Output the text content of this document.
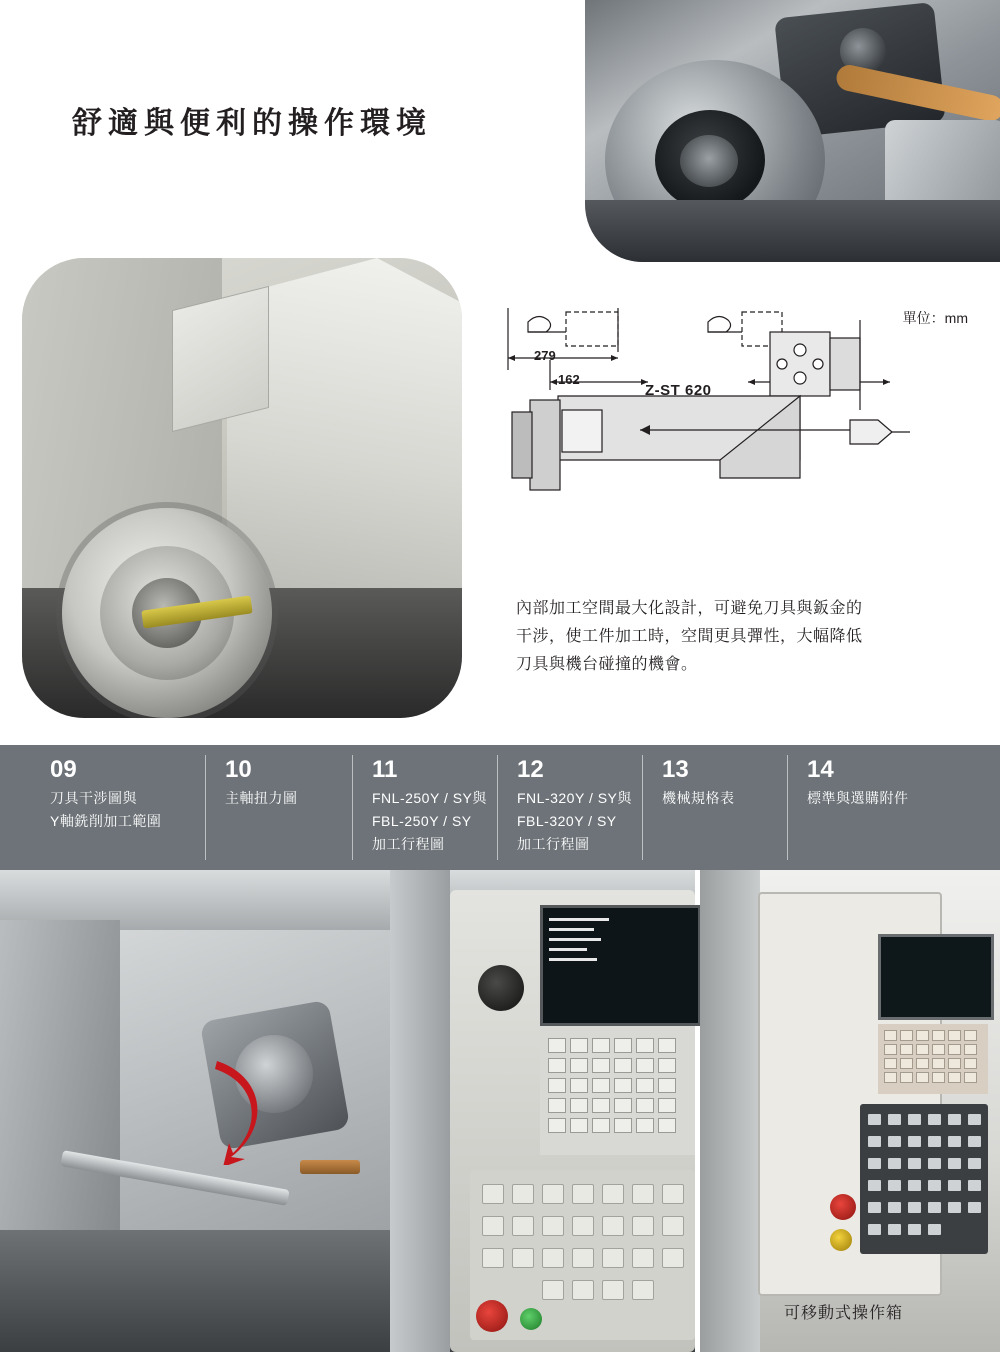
舒適與便利的操作環境
單位：mm
279
162
Z-ST 620
內部加工空間最大化設計，可避免刀具與鈑金的
干涉，使工件加工時，空間更具彈性，大幅降低
刀具與機台碰撞的機會。
09
刀具干涉圖與
Y軸銑削加工範圍
10
主軸扭力圖
11
FNL-250Y / SY與
FBL-250Y / SY
加工行程圖
12
FNL-320Y / SY與
FBL-320Y / SY
加工行程圖
13
機械規格表
14
標準與選購附件
可移動式操作箱
